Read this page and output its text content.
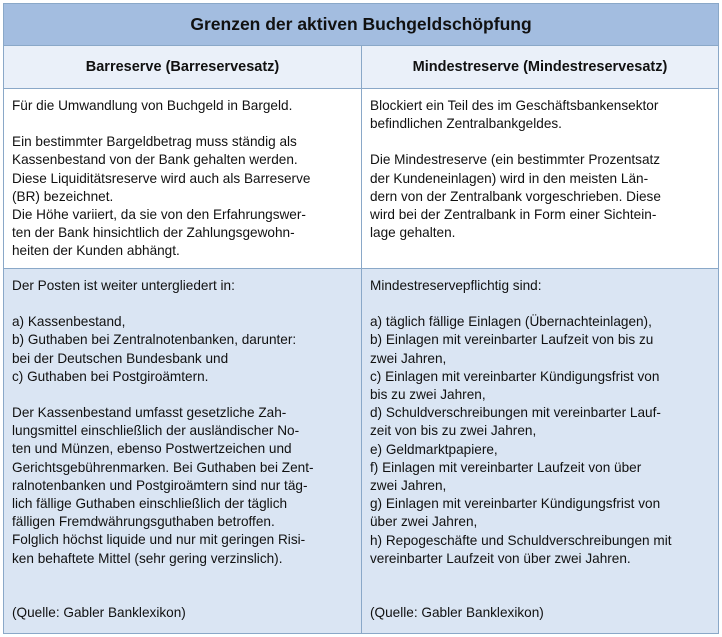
Grenzen der aktiven Buchgeldschöpfung
Barreserve (Barreservesatz)	Mindestreserve (Mindestreservesatz)
Für die Umwandlung von Buchgeld in Bargeld.
Ein bestimmter Bargeldbetrag muss ständig als
Kassenbestand von der Bank gehalten werden.
Diese Liquiditätsreserve wird auch als Barreserve
(BR) bezeichnet.
Die Höhe variiert, da sie von den Erfahrungswer-
ten der Bank hinsichtlich der Zahlungsgewohn-
heiten der Kunden abhängt.
Blockiert ein Teil des im Geschäftsbankensektor
befindlichen Zentralbankgeldes.
Die Mindestreserve (ein bestimmter Prozentsatz
der Kundeneinlagen) wird in den meisten Län-
dern von der Zentralbank vorgeschrieben. Diese
wird bei der Zentralbank in Form einer Sichtein-
lage gehalten.
Der Posten ist weiter untergliedert in:
a) Kassenbestand,
b) Guthaben bei Zentralnotenbanken, darunter:
bei der Deutschen Bundesbank und
c) Guthaben bei Postgiroämtern.
Der Kassenbestand umfasst gesetzliche Zah-
lungsmittel einschließlich der ausländischer No-
ten und Münzen, ebenso Postwertzeichen und
Gerichtsgebührenmarken. Bei Guthaben bei Zent-
ralnotenbanken und Postgiroämtern sind nur täg-
lich fällige Guthaben einschließlich der täglich
fälligen Fremdwährungsguthaben betroffen.
Folglich höchst liquide und nur mit geringen Risi-
ken behaftete Mittel (sehr gering verzinslich).
(Quelle: Gabler Banklexikon)
Mindestreservepflichtig sind:
a) täglich fällige Einlagen (Übernachteinlagen),
b) Einlagen mit vereinbarter Laufzeit von bis zu
zwei Jahren,
c) Einlagen mit vereinbarter Kündigungsfrist von
bis zu zwei Jahren,
d) Schuldverschreibungen mit vereinbarter Lauf-
zeit von bis zu zwei Jahren,
e) Geldmarktpapiere,
f) Einlagen mit vereinbarter Laufzeit von über
zwei Jahren,
g) Einlagen mit vereinbarter Kündigungsfrist von
über zwei Jahren,
h) Repogeschäfte und Schuldverschreibungen mit
vereinbarter Laufzeit von über zwei Jahren.
(Quelle: Gabler Banklexikon)
